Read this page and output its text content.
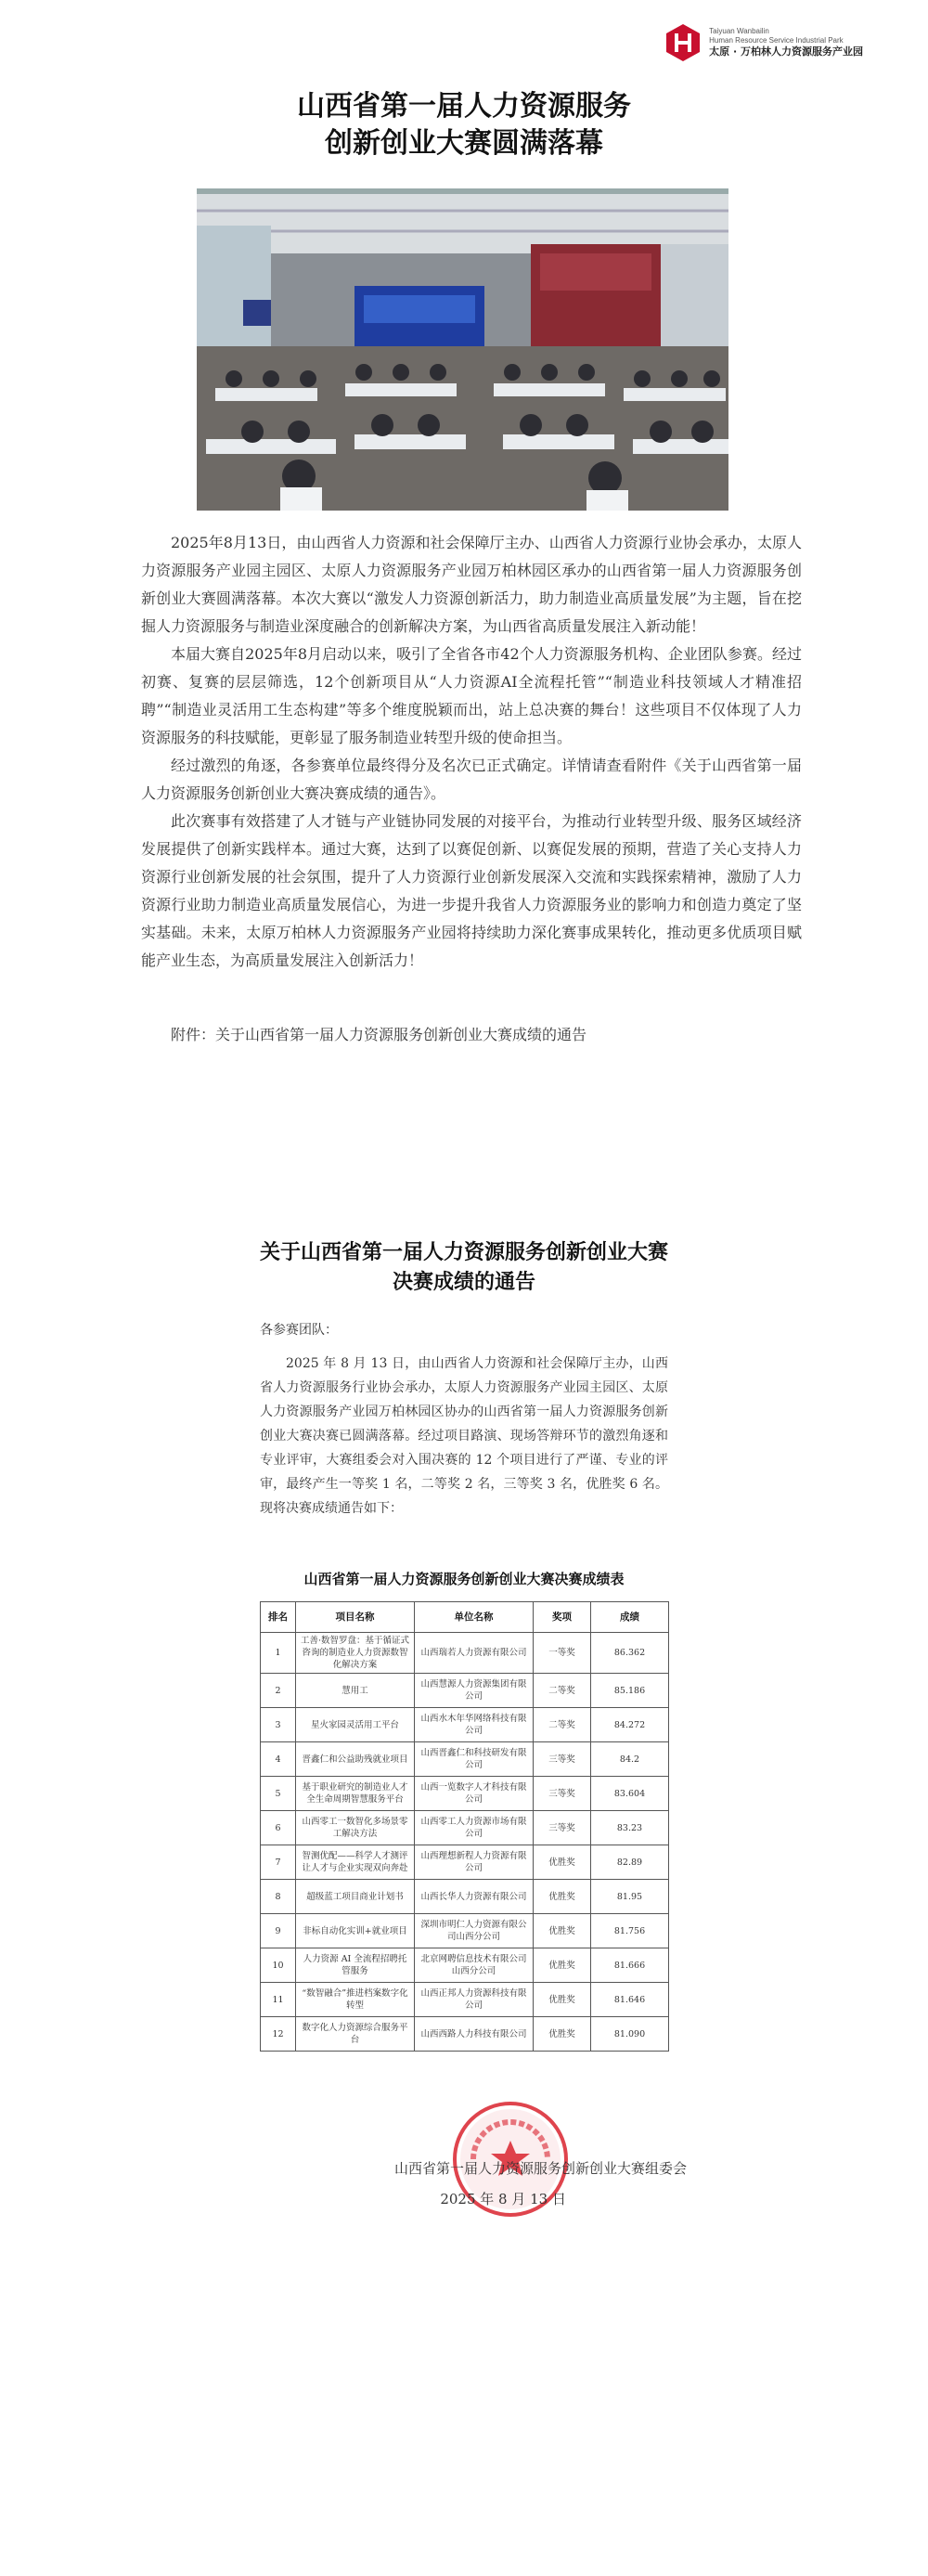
Taiyuan Wanbailin
Human Resource Service Industrial Park
太原 · 万柏林人力资源服务产业园
山西省第一届人力资源服务
创新创业大赛圆满落幕

2025年8月13日，由山西省人力资源和社会保障厅主办、山西省人力资源行业协会承办，太原人力资源服务产业园主园区、太原人力资源服务产业园万柏林园区承办的山西省第一届人力资源服务创新创业大赛圆满落幕。本次大赛以“激发人力资源创新活力，助力制造业高质量发展”为主题，旨在挖掘人力资源服务与制造业深度融合的创新解决方案，为山西省高质量发展注入新动能！

本届大赛自2025年8月启动以来，吸引了全省各市42个人力资源服务机构、企业团队参赛。经过初赛、复赛的层层筛选，12个创新项目从“人力资源AI全流程托管”“制造业科技领域人才精准招聘”“制造业灵活用工生态构建”等多个维度脱颖而出，站上总决赛的舞台！这些项目不仅体现了人力资源服务的科技赋能，更彰显了服务制造业转型升级的使命担当。

经过激烈的角逐，各参赛单位最终得分及名次已正式确定。详情请查看附件《关于山西省第一届人力资源服务创新创业大赛决赛成绩的通告》。

此次赛事有效搭建了人才链与产业链协同发展的对接平台，为推动行业转型升级、服务区域经济发展提供了创新实践样本。通过大赛，达到了以赛促创新、以赛促发展的预期，营造了关心支持人力资源行业创新发展的社会氛围，提升了人力资源行业创新发展深入交流和实践探索精神，激励了人力资源行业助力制造业高质量发展信心，为进一步提升我省人力资源服务业的影响力和创造力奠定了坚实基础。未来，太原万柏林人力资源服务产业园将持续助力深化赛事成果转化，推动更多优质项目赋能产业生态，为高质量发展注入创新活力！

附件：关于山西省第一届人力资源服务创新创业大赛成绩的通告
关于山西省第一届人力资源服务创新创业大赛
决赛成绩的通告

各参赛团队：

2025 年 8 月 13 日，由山西省人力资源和社会保障厅主办，山西省人力资源服务行业协会承办，太原人力资源服务产业园主园区、太原人力资源服务产业园万柏林园区协办的山西省第一届人力资源服务创新创业大赛决赛已圆满落幕。经过项目路演、现场答辩环节的激烈角逐和专业评审，大赛组委会对入围决赛的 12 个项目进行了严谨、专业的评审，最终产生一等奖 1 名，二等奖 2 名，三等奖 3 名，优胜奖 6 名。现将决赛成绩通告如下：

山西省第一届人力资源服务创新创业大赛决赛成绩表
排名	项目名称	单位名称	奖项	成绩
1	工善·数智罗盘：基于循证式咨询的制造业人力资源数智化解决方案	山西瑞若人力资源有限公司	一等奖	86.362
2	慧用工	山西慧源人力资源集团有限公司	二等奖	85.186
3	星火家园灵活用工平台	山西水木年华网络科技有限公司	二等奖	84.272
4	晋鑫仁和公益助残就业项目	山西晋鑫仁和科技研发有限公司	三等奖	84.2
5	基于职业研究的制造业人才全生命周期智慧服务平台	山西一览数字人才科技有限公司	三等奖	83.604
6	山西零工一数智化多场景零工解决方法	山西零工人力资源市场有限公司	三等奖	83.23
7	智测优配——科学人才测评让人才与企业实现双向奔赴	山西理想新程人力资源有限公司	优胜奖	82.89
8	超级蓝工项目商业计划书	山西长华人力资源有限公司	优胜奖	81.95
9	非标自动化实训+就业项目	深圳市明仁人力资源有限公司山西分公司	优胜奖	81.756
10	人力资源 AI 全流程招聘托管服务	北京网聘信息技术有限公司山西分公司	优胜奖	81.666
11	“数智融合”推进档案数字化转型	山西正邦人力资源科技有限公司	优胜奖	81.646
12	数字化人力资源综合服务平台	山西西路人力科技有限公司	优胜奖	81.090
山西省第一届人力资源服务创新创业大赛组委会
2025 年 8 月 13 日
